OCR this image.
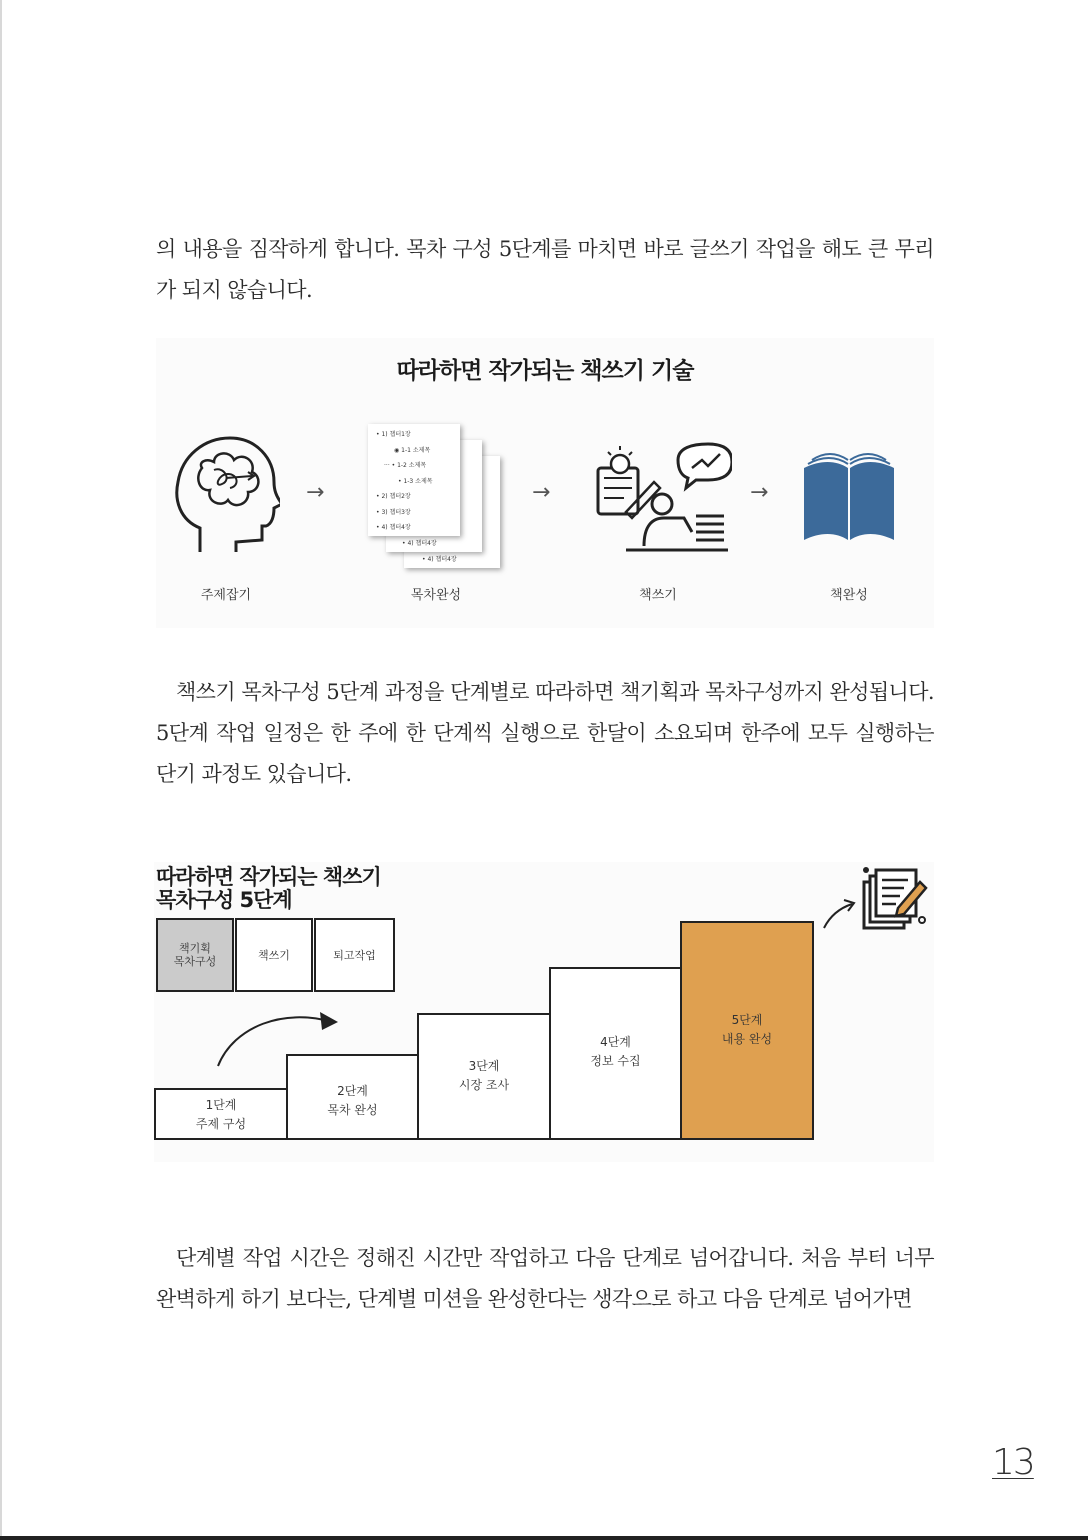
의 내용을 짐작하게 합니다. 목차 구성 5단계를 마치면 바로 글쓰기 작업을 해도 큰 무리가 되지 않습니다.

따라하면 작가되는 책쓰기 기술
• 1) 챕터1장
◉ 1-1 소제목
··· • 1-2 소제목
• 1-3 소제목
• 2) 챕터2장
• 3) 챕터3장
• 4) 챕터4장
• 4) 챕터4장
• 4) 챕터4장
→	→	→
주제잡기	목차완성	책쓰기	책완성

책쓰기 목차구성 5단계 과정을 단계별로 따라하면 책기획과 목차구성까지 완성됩니다. 5단계 작업 일정은 한 주에 한 단계씩 실행으로 한달이 소요되며 한주에 모두 실행하는 단기 과정도 있습니다.

따라하면 작가되는 책쓰기
목차구성 5단계
책기획
목차구성	책쓰기	퇴고작업
1단계
주제 구성
2단계
목차 완성
3단계
시장 조사
4단계
정보 수집
5단계
내용 완성

단계별 작업 시간은 정해진 시간만 작업하고 다음 단계로 넘어갑니다. 처음 부터 너무 완벽하게 하기 보다는, 단계별 미션을 완성한다는 생각으로 하고 다음 단계로 넘어가면

13
